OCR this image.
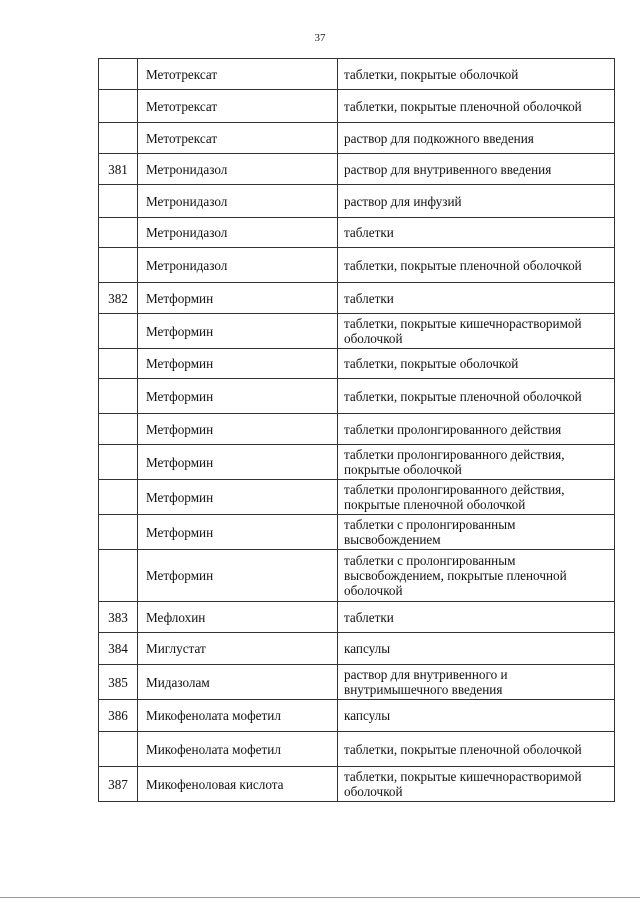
37
	Метотрексат	таблетки, покрытые оболочкой
	Метотрексат	таблетки, покрытые пленочной оболочкой
	Метотрексат	раствор для подкожного введения
381	Метронидазол	раствор для внутривенного введения
	Метронидазол	раствор для инфузий
	Метронидазол	таблетки
	Метронидазол	таблетки, покрытые пленочной оболочкой
382	Метформин	таблетки
	Метформин	таблетки, покрытые кишечнорастворимой оболочкой
	Метформин	таблетки, покрытые оболочкой
	Метформин	таблетки, покрытые пленочной оболочкой
	Метформин	таблетки пролонгированного действия
	Метформин	таблетки пролонгированного действия, покрытые оболочкой
	Метформин	таблетки пролонгированного действия, покрытые пленочной оболочкой
	Метформин	таблетки с пролонгированным высвобождением
	Метформин	таблетки с пролонгированным высвобождением, покрытые пленочной оболочкой
383	Мефлохин	таблетки
384	Миглустат	капсулы
385	Мидазолам	раствор для внутривенного и внутримышечного введения
386	Микофенолата мофетил	капсулы
	Микофенолата мофетил	таблетки, покрытые пленочной оболочкой
387	Микофеноловая кислота	таблетки, покрытые кишечнорастворимой оболочкой
